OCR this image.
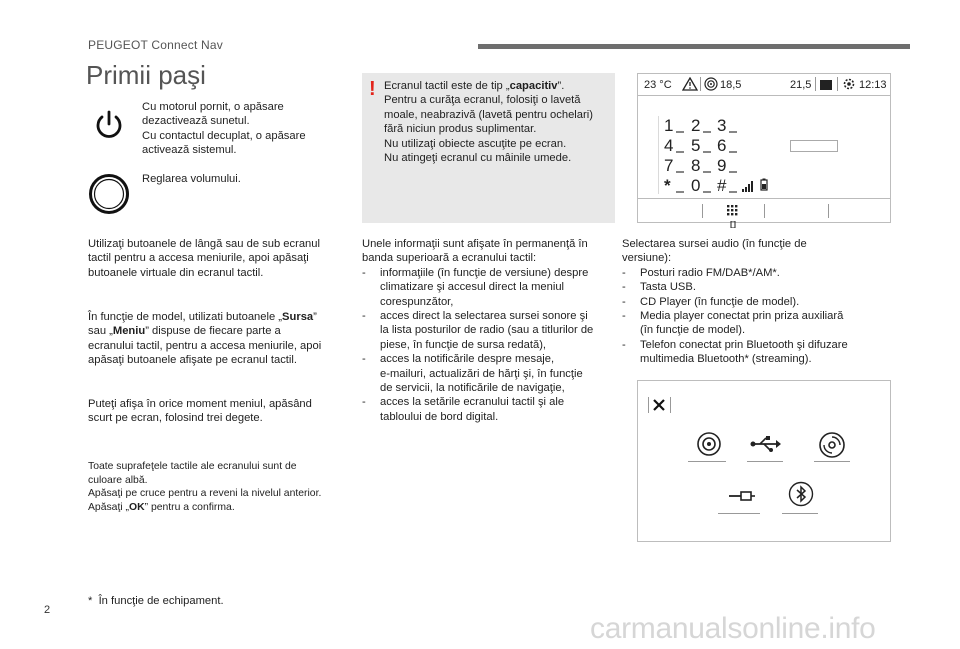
PEUGEOT Connect Nav
Primii paşi

Cu motorul pornit, o apăsare

dezactivează sunetul.

Cu contactul decuplat, o apăsare

activează sistemul.

Reglarea volumului.

Utilizaţi butoanele de lângă sau de sub ecranul

tactil pentru a accesa meniurile, apoi apăsaţi

butoanele virtuale din ecranul tactil.

În funcţie de model, utilizati butoanele „Sursa”

sau „Meniu” dispuse de fiecare parte a

ecranului tactil, pentru a accesa meniurile, apoi

apăsaţi butoanele afişate pe ecranul tactil.

Puteţi afişa în orice moment meniul, apăsând

scurt pe ecran, folosind trei degete.

Toate suprafeţele tactile ale ecranului sunt de

culoare albă.

Apăsaţi pe cruce pentru a reveni la nivelul anterior.

Apăsaţi „OK” pentru a confirma.

* În funcţie de echipament.
! Ecranul tactil este de tip „capacitiv”.

Pentru a curăţa ecranul, folosiţi o lavetă

moale, neabrazivă (lavetă pentru ochelari)

fără niciun produs suplimentar.

Nu utilizaţi obiecte ascuţite pe ecran.

Nu atingeţi ecranul cu mâinile umede.

23 °C	18,5	21,5	12:13
1 2 3
4 5 6
7 8 9
* 0 #

Unele informaţii sunt afişate în permanenţă în

banda superioară a ecranului tactil:

- informaţiile (în funcţie de versiune) despre

climatizare şi accesul direct la meniul

corespunzător,

- acces direct la selectarea sursei sonore şi

la lista posturilor de radio (sau a titlurilor de

piese, în funcţie de sursa redată),

- acces la notificările despre mesaje,

e-mailuri, actualizări de hărţi şi, în funcţie

de servicii, la notificările de navigaţie,

- acces la setările ecranului tactil şi ale

tabloului de bord digital.

Selectarea sursei audio (în funcţie de

versiune):

- Posturi radio FM/DAB*/AM*.

- Tasta USB.

- CD Player (în funcţie de model).

- Media player conectat prin priza auxiliară

(în funcţie de model).

- Telefon conectat prin Bluetooth şi difuzare

multimedia Bluetooth* (streaming).

2
carmanualsonline.info
